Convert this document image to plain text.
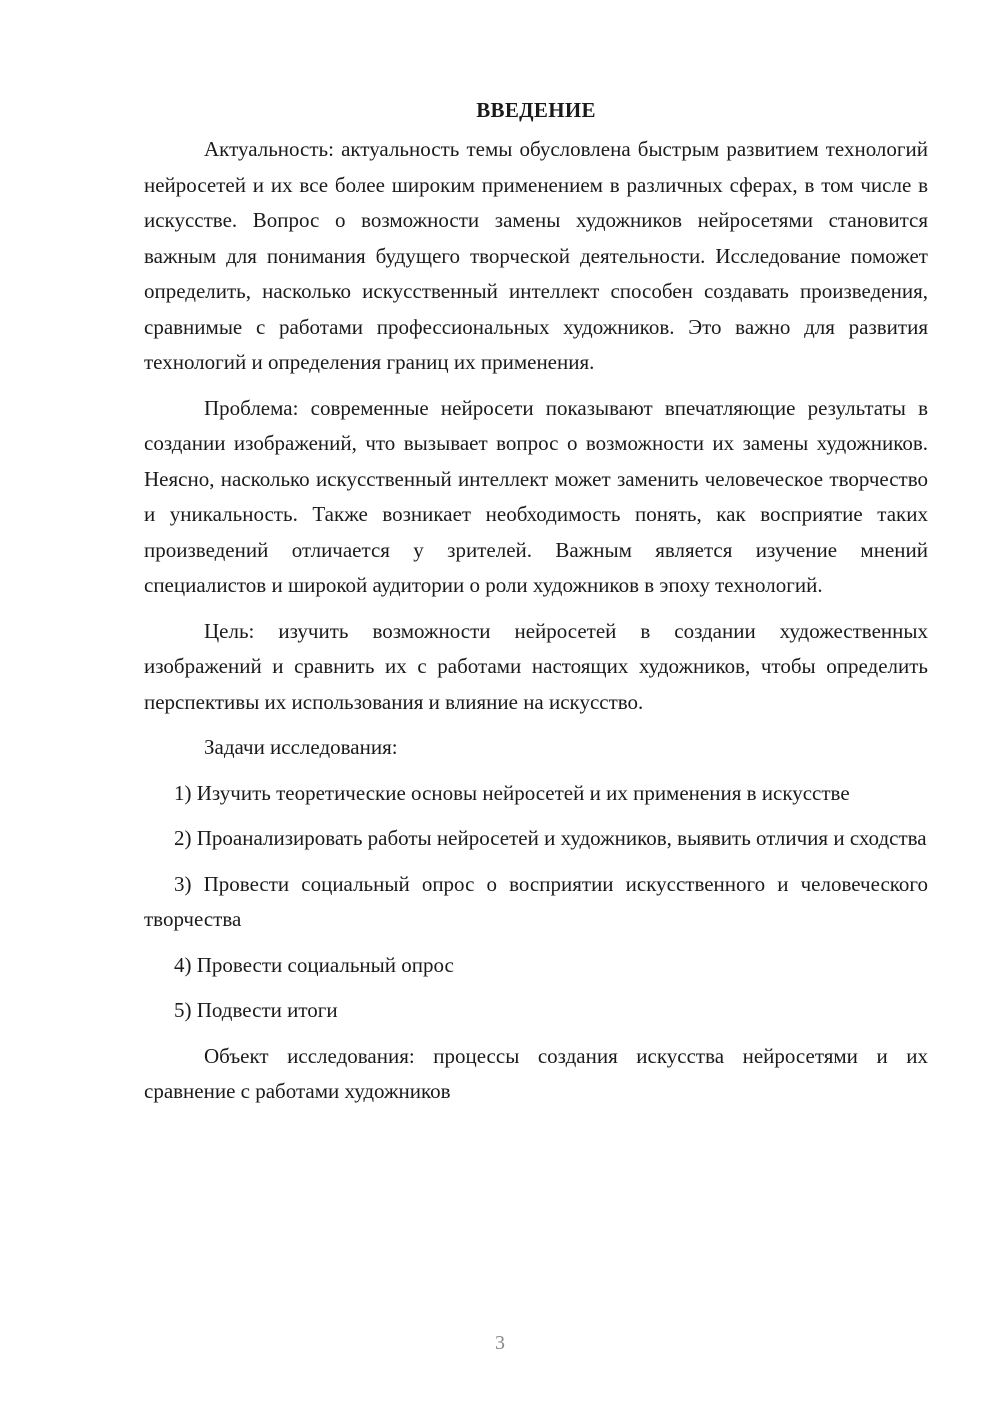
ВВЕДЕНИЕ

Актуальность: актуальность темы обусловлена быстрым развитием технологий нейросетей и их все более широким применением в различных сферах, в том числе в искусстве. Вопрос о возможности замены художников нейросетями становится важным для понимания будущего творческой деятельности. Исследование поможет определить, насколько искусственный интеллект способен создавать произведения, сравнимые с работами профессиональных художников. Это важно для развития технологий и определения границ их применения.

Проблема: современные нейросети показывают впечатляющие результаты в создании изображений, что вызывает вопрос о возможности их замены художников. Неясно, насколько искусственный интеллект может заменить человеческое творчество и уникальность. Также возникает необходимость понять, как восприятие таких произведений отличается у зрителей. Важным является изучение мнений специалистов и широкой аудитории о роли художников в эпоху технологий.

Цель: изучить возможности нейросетей в создании художественных изображений и сравнить их с работами настоящих художников, чтобы определить перспективы их использования и влияние на искусство.

Задачи исследования:

1) Изучить теоретические основы нейросетей и их применения в искусстве

2) Проанализировать работы нейросетей и художников, выявить отличия и сходства

3) Провести социальный опрос о восприятии искусственного и человеческого творчества

4) Провести социальный опрос

5) Подвести итоги

Объект исследования: процессы создания искусства нейросетями и их сравнение с работами художников

3
